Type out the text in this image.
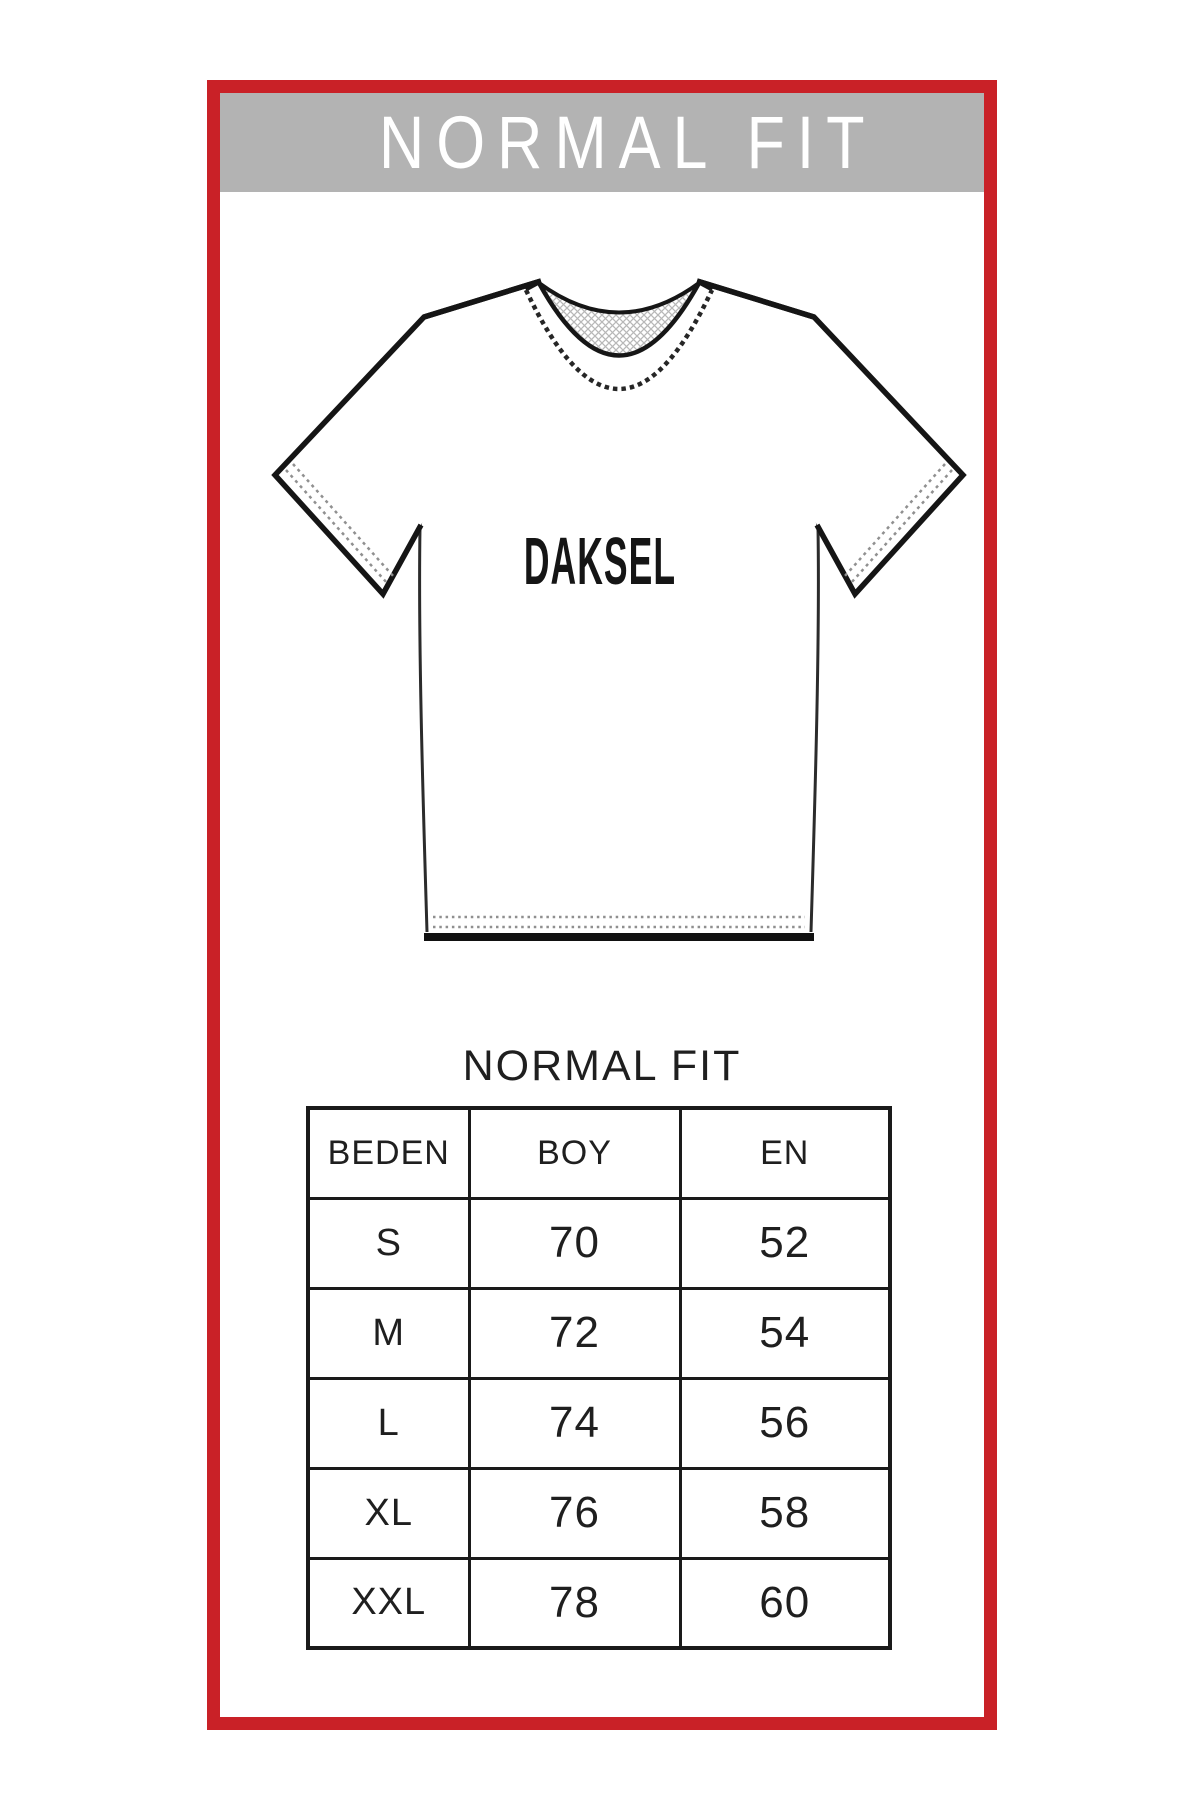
NORMAL FIT
DAKSEL
NORMAL FIT
BEDEN	BOY	EN
S	70	52
M	72	54
L	74	56
XL	76	58
XXL	78	60
